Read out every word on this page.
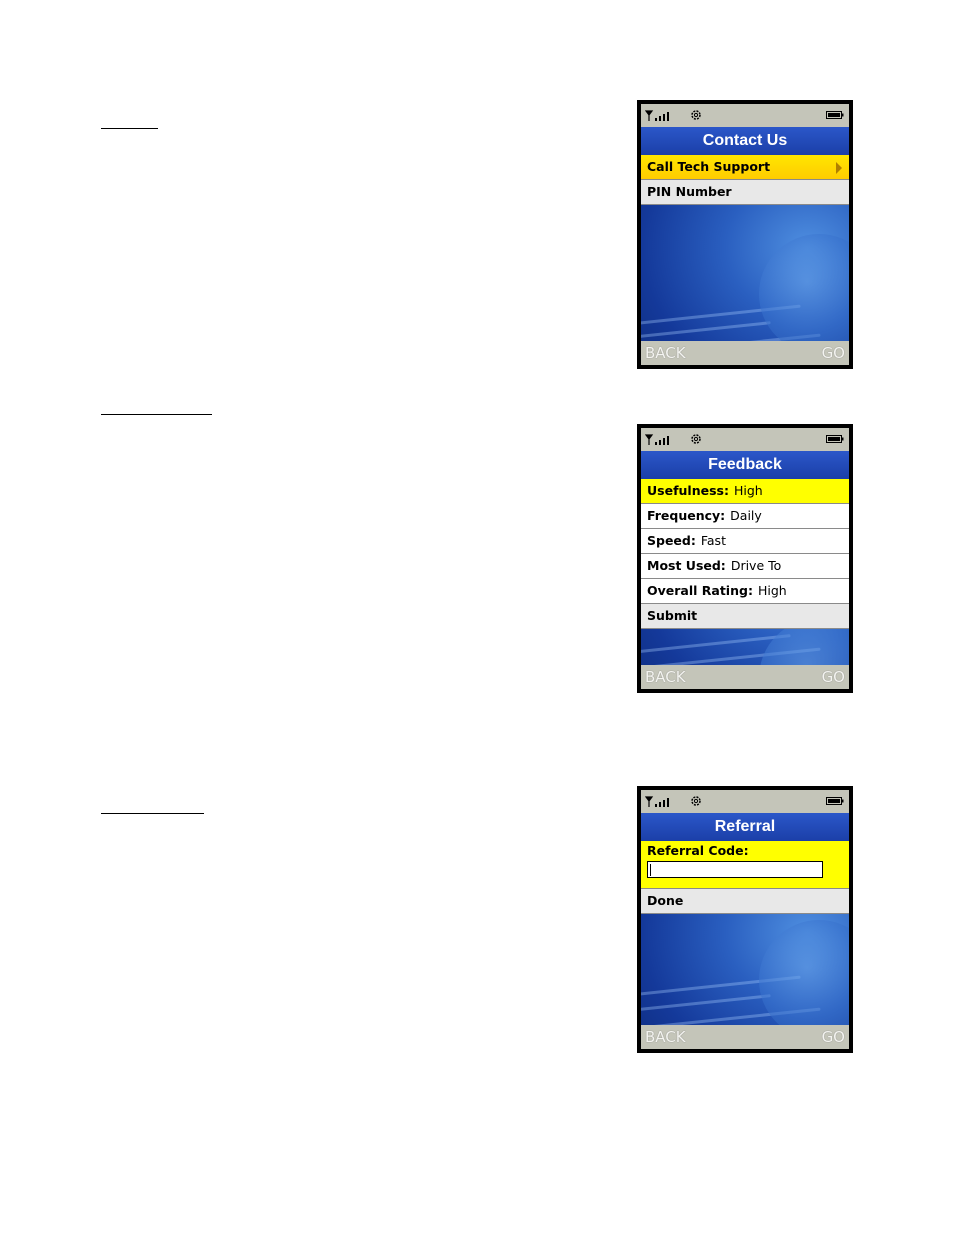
Contact Us
Call Tech Support
PIN Number
BACK	GO
Feedback
Usefulness: High
Frequency: Daily
Speed: Fast
Most Used: Drive To
Overall Rating: High
Submit
BACK	GO
Referral
Referral Code:
Done
BACK	GO
